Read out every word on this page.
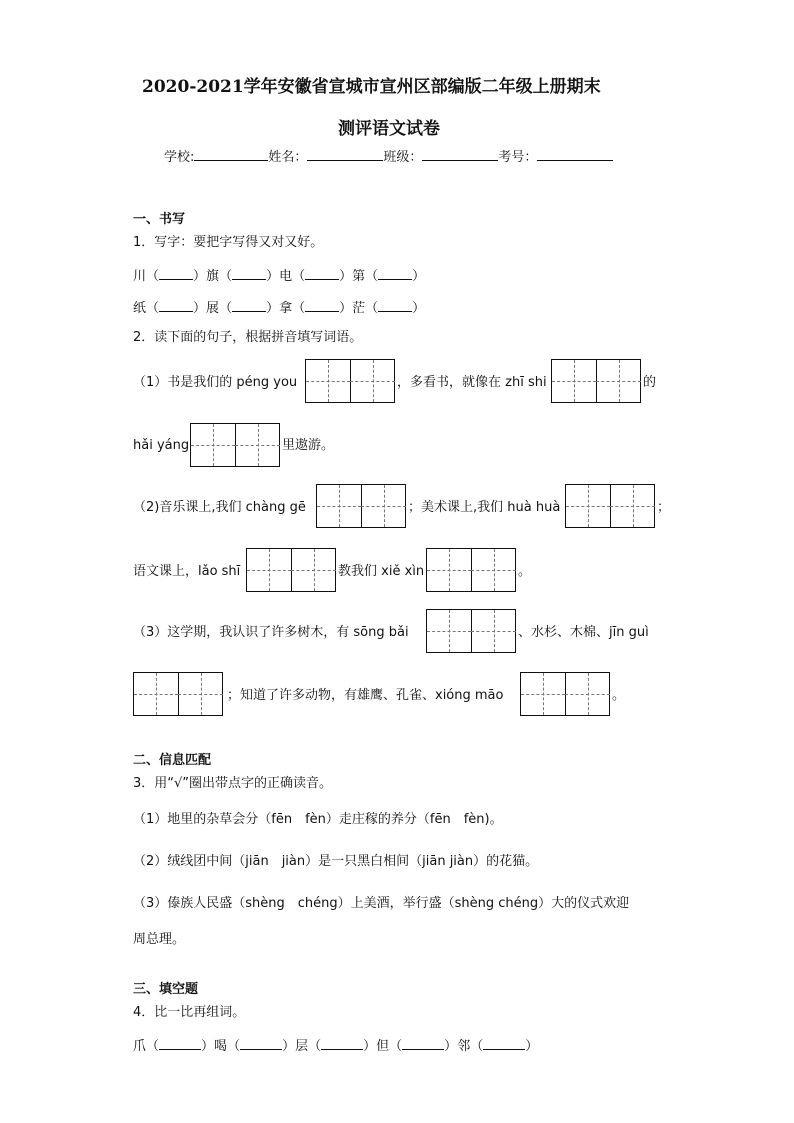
2020-2021学年安徽省宣城市宣州区部编版二年级上册期末
测评语文试卷
学校:	姓名：	班级：	考号：
一、书写
1．写字：要把字写得又对又好。
川（	）旗（	）电（	）第（	）
纸（	）展（	）拿（	）茫（	）
2．读下面的句子，根据拼音填写词语。
（1）书是我们的 péng you	，多看书，就像在 zhī shi	的
hǎi yáng	里遨游。
（2)音乐课上,我们 chàng gē	；美术课上,我们 huà huà	；
语文课上，lǎo shī	教我们 xiě xìn	。
（3）这学期，我认识了许多树木，有 sōng bǎi	、水杉、木棉、jīn guì
；知道了许多动物，有雄鹰、孔雀、xióng māo	。
二、信息匹配
3．用“√”圈出带点字的正确读音。
（1）地里的杂草会分（fēn　fèn）走庄稼的养分（fēn　fèn)。
（2）绒线团中间（jiān　jiàn）是一只黑白相间（jiān jiàn）的花猫。
（3）傣族人民盛（shèng　chéng）上美酒，举行盛（shèng chéng）大的仪式欢迎
周总理。
三、填空题
4．比一比再组词。
爪（	）喝（	）层（	）但（	）邻（	）
